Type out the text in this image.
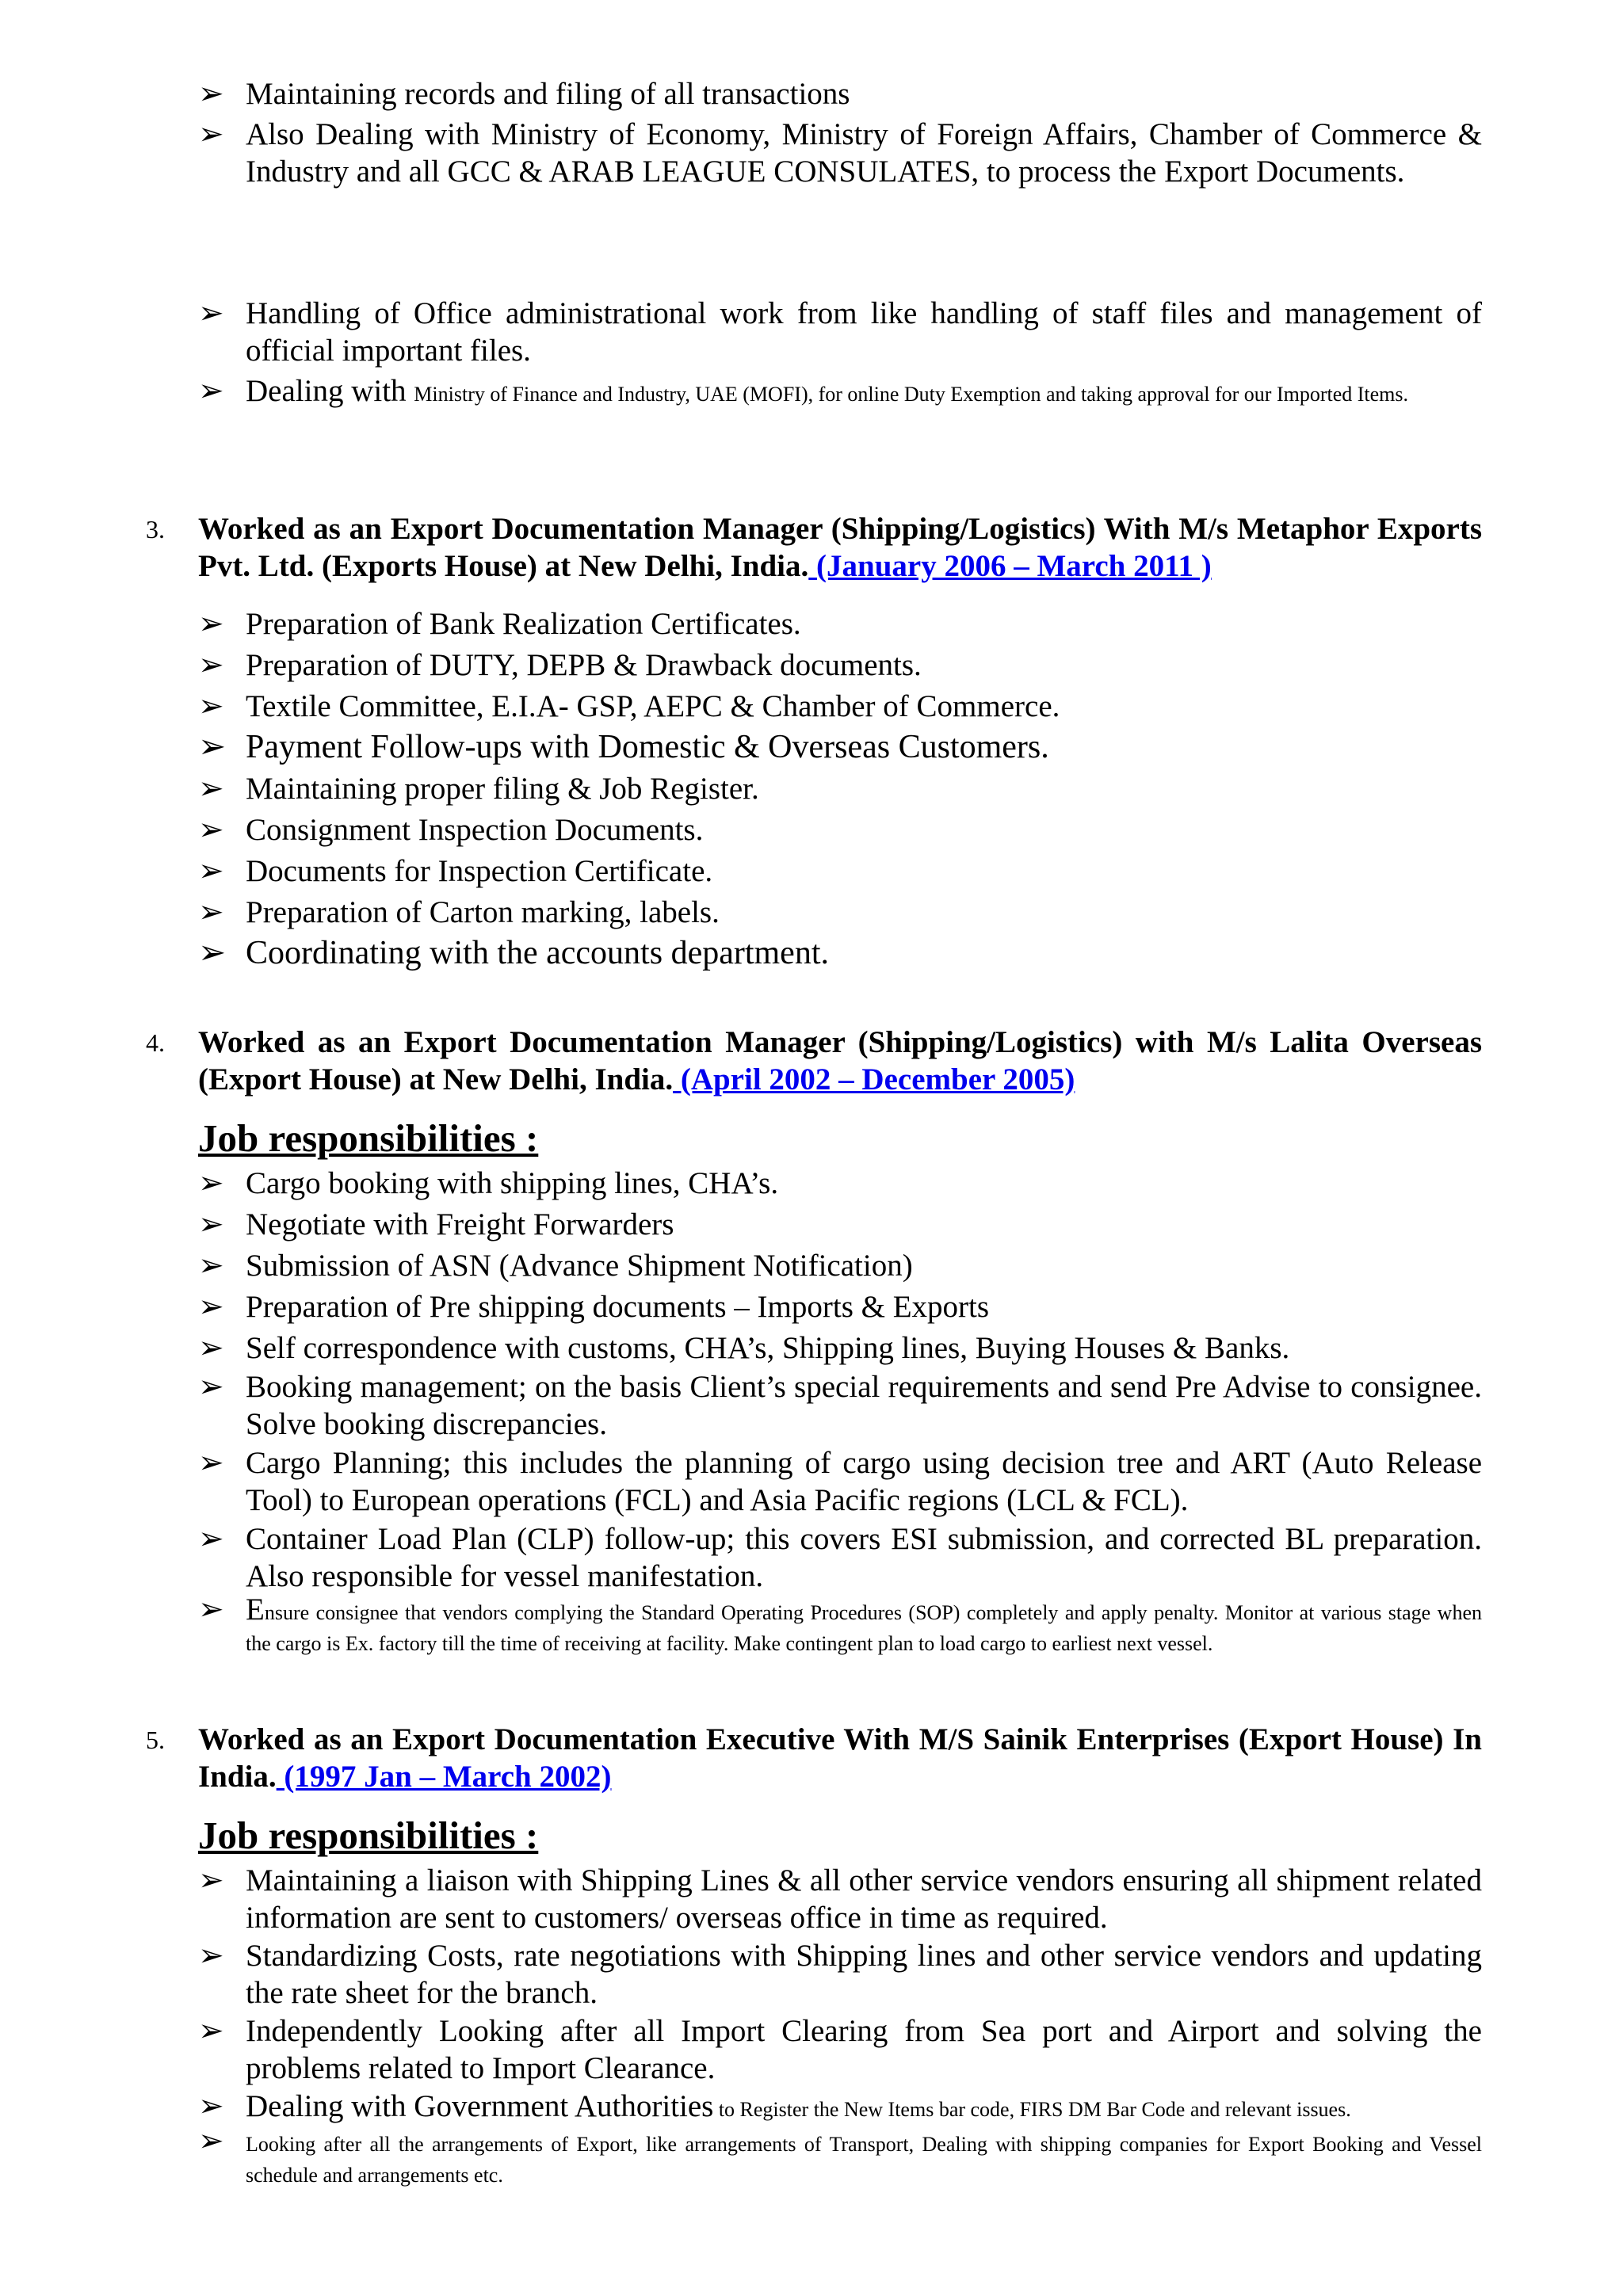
➢ Maintaining records and filing of all transactions
➢ Also Dealing with Ministry of Economy, Ministry of Foreign Affairs, Chamber of Commerce & Industry and all GCC & ARAB LEAGUE CONSULATES, to process the Export Documents.
➢ Handling of Office administrational work from like handling of staff files and management of official important files.
➢ Dealing with Ministry of Finance and Industry, UAE (MOFI), for online Duty Exemption and taking approval for our Imported Items.
3. Worked as an Export Documentation Manager (Shipping/Logistics) With M/s Metaphor Exports Pvt. Ltd. (Exports House) at New Delhi, India. (January 2006 – March 2011 )
➢ Preparation of Bank Realization Certificates.
➢ Preparation of DUTY, DEPB & Drawback documents.
➢ Textile Committee, E.I.A- GSP, AEPC & Chamber of Commerce.
➢ Payment Follow-ups with Domestic & Overseas Customers.
➢ Maintaining proper filing & Job Register.
➢ Consignment Inspection Documents.
➢ Documents for Inspection Certificate.
➢ Preparation of Carton marking, labels.
➢ Coordinating with the accounts department.
4. Worked as an Export Documentation Manager (Shipping/Logistics) with M/s Lalita Overseas (Export House) at New Delhi, India. (April 2002 – December 2005)
Job responsibilities :
➢ Cargo booking with shipping lines, CHA’s.
➢ Negotiate with Freight Forwarders
➢ Submission of ASN (Advance Shipment Notification)
➢ Preparation of Pre shipping documents – Imports & Exports
➢ Self correspondence with customs, CHA’s, Shipping lines, Buying Houses & Banks.
➢ Booking management; on the basis Client’s special requirements and send Pre Advise to consignee. Solve booking discrepancies.
➢ Cargo Planning; this includes the planning of cargo using decision tree and ART (Auto Release Tool) to European operations (FCL) and Asia Pacific regions (LCL & FCL).
➢ Container Load Plan (CLP) follow-up; this covers ESI submission, and corrected BL preparation. Also responsible for vessel manifestation.
➢ Ensure consignee that vendors complying the Standard Operating Procedures (SOP) completely and apply penalty. Monitor at various stage when the cargo is Ex. factory till the time of receiving at facility. Make contingent plan to load cargo to earliest next vessel.
5. Worked as an Export Documentation Executive With M/S Sainik Enterprises (Export House) In India. (1997 Jan – March 2002)
Job responsibilities :
➢ Maintaining a liaison with Shipping Lines & all other service vendors ensuring all shipment related information are sent to customers/ overseas office in time as required.
➢ Standardizing Costs, rate negotiations with Shipping lines and other service vendors and updating the rate sheet for the branch.
➢ Independently Looking after all Import Clearing from Sea port and Airport and solving the problems related to Import Clearance.
➢ Dealing with Government Authorities to Register the New Items bar code, FIRS DM Bar Code and relevant issues.
➢ Looking after all the arrangements of Export, like arrangements of Transport, Dealing with shipping companies for Export Booking and Vessel schedule and arrangements etc.
